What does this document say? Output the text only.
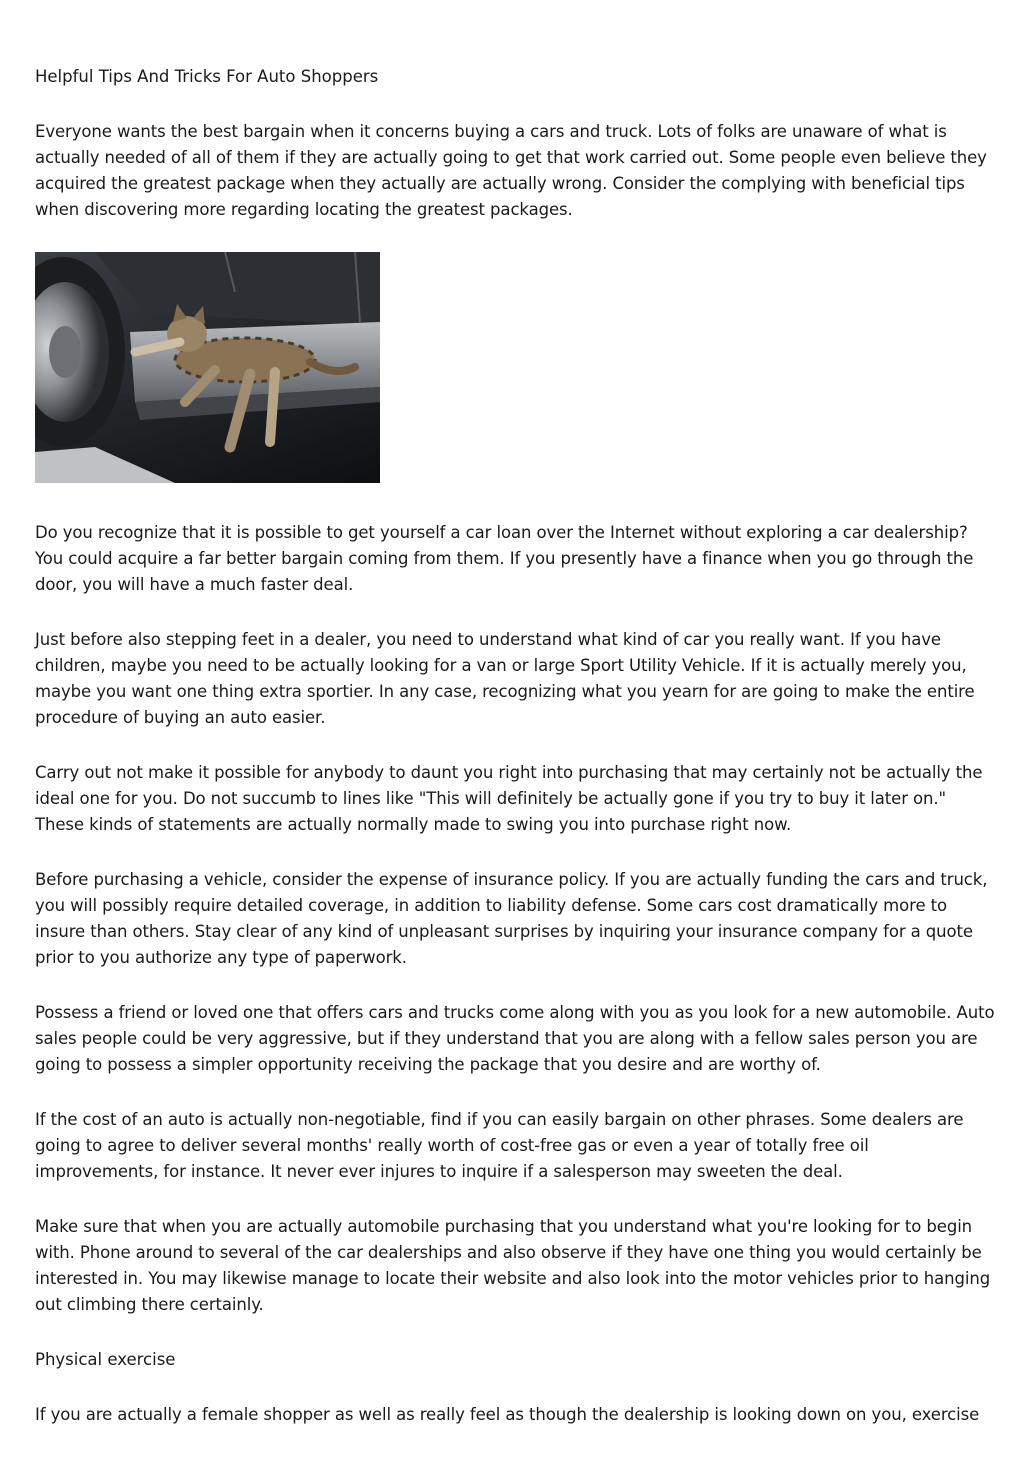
Helpful Tips And Tricks For Auto Shoppers
Everyone wants the best bargain when it concerns buying a cars and truck. Lots of folks are unaware of what is actually needed of all of them if they are actually going to get that work carried out. Some people even believe they acquired the greatest package when they actually are actually wrong. Consider the complying with beneficial tips when discovering more regarding locating the greatest packages.
Do you recognize that it is possible to get yourself a car loan over the Internet without exploring a car dealership? You could acquire a far better bargain coming from them. If you presently have a finance when you go through the door, you will have a much faster deal.
Just before also stepping feet in a dealer, you need to understand what kind of car you really want. If you have children, maybe you need to be actually looking for a van or large Sport Utility Vehicle. If it is actually merely you, maybe you want one thing extra sportier. In any case, recognizing what you yearn for are going to make the entire procedure of buying an auto easier.
Carry out not make it possible for anybody to daunt you right into purchasing that may certainly not be actually the ideal one for you. Do not succumb to lines like "This will definitely be actually gone if you try to buy it later on." These kinds of statements are actually normally made to swing you into purchase right now.
Before purchasing a vehicle, consider the expense of insurance policy. If you are actually funding the cars and truck, you will possibly require detailed coverage, in addition to liability defense. Some cars cost dramatically more to insure than others. Stay clear of any kind of unpleasant surprises by inquiring your insurance company for a quote prior to you authorize any type of paperwork.
Possess a friend or loved one that offers cars and trucks come along with you as you look for a new automobile. Auto sales people could be very aggressive, but if they understand that you are along with a fellow sales person you are going to possess a simpler opportunity receiving the package that you desire and are worthy of.
If the cost of an auto is actually non-negotiable, find if you can easily bargain on other phrases. Some dealers are going to agree to deliver several months' really worth of cost-free gas or even a year of totally free oil improvements, for instance. It never ever injures to inquire if a salesperson may sweeten the deal.
Make sure that when you are actually automobile purchasing that you understand what you're looking for to begin with. Phone around to several of the car dealerships and also observe if they have one thing you would certainly be interested in. You may likewise manage to locate their website and also look into the motor vehicles prior to hanging out climbing there certainly.
Physical exercise
If you are actually a female shopper as well as really feel as though the dealership is looking down on you, exercise
